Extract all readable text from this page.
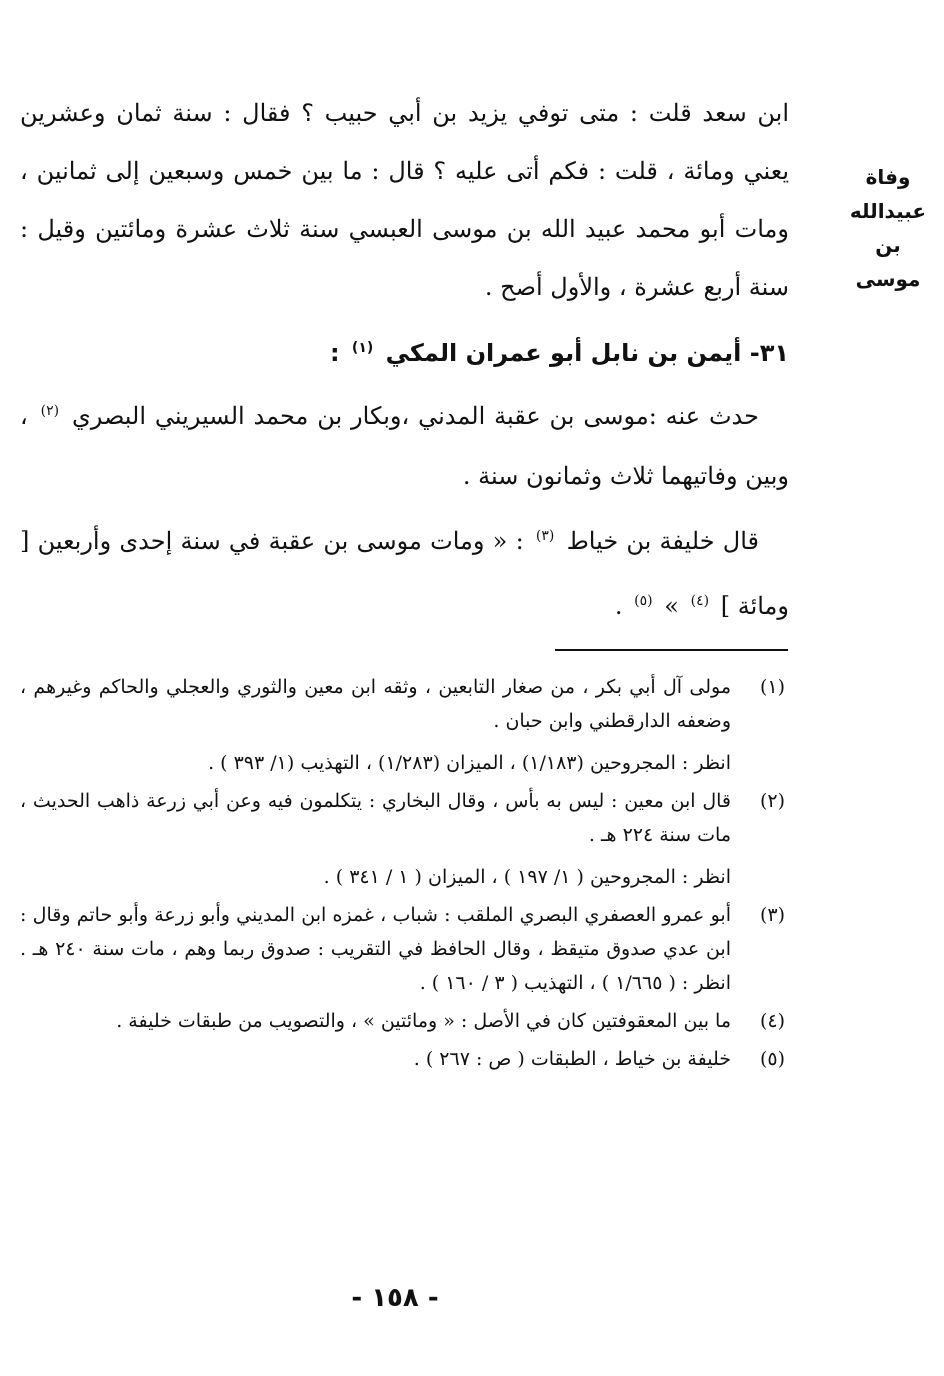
وفاة
عبيدالله بن
موسى

ابن سعد قلت : متى توفي يزيد بن أبي حبيب ؟ فقال : سنة ثمان وعشرين يعني ومائة ، قلت : فكم أتى عليه ؟ قال : ما بين خمس وسبعين إلى ثمانين ، ومات أبو محمد عبيد الله بن موسى العبسي سنة ثلاث عشرة ومائتين وقيل : سنة أربع عشرة ، والأول أصح .

٣١- أيمن بن نابل أبو عمران المكي $^{(١)}$ :

حدث عنه :موسى بن عقبة المدني ،وبكار بن محمد السيريني البصري $^{(٢)}$ ، وبين وفاتيهما ثلاث وثمانون سنة .

قال خليفة بن خياط $^{(٣)}$ : « ومات موسى بن عقبة في سنة إحدى وأربعين [ ومائة ] $^{(٤)}$ » $^{(٥)}$ .

(١)

مولى آل أبي بكر ، من صغار التابعين ، وثقه ابن معين والثوري والعجلي والحاكم وغيرهم ، وضعفه الدارقطني وابن حبان .

انظر : المجروحين (١/١٨٣) ، الميزان (١/٢٨٣) ، التهذيب (١/ ٣٩٣ ) .

(٢)

قال ابن معين : ليس به بأس ، وقال البخاري : يتكلمون فيه وعن أبي زرعة ذاهب الحديث ، مات سنة ٢٢٤ هـ .

انظر : المجروحين ( ١/ ١٩٧ ) ، الميزان ( ١ / ٣٤١ ) .

(٣)

أبو عمرو العصفري البصري الملقب : شباب ، غمزه ابن المديني وأبو زرعة وأبو حاتم وقال : ابن عدي صدوق متيقظ ، وقال الحافظ في التقريب : صدوق ربما وهم ، مات سنة ٢٤٠ هـ . انظر : ( ١/٦٦٥ ) ، التهذيب ( ٣ / ١٦٠ ) .

(٤)

ما بين المعقوفتين كان في الأصل : « ومائتين » ، والتصويب من طبقات خليفة .

(٥)

خليفة بن خياط ، الطبقات ( ص : ٢٦٧ ) .

- ١٥٨ -
